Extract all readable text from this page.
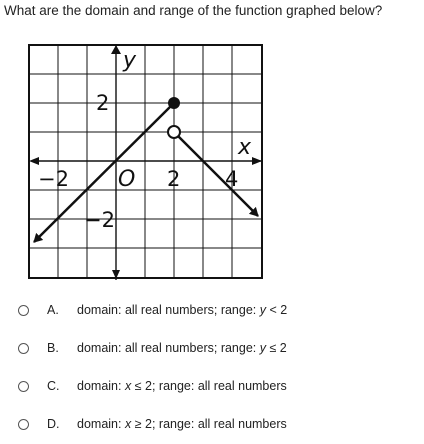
What are the domain and range of the function graphed below?
y
x
O
−2	2 4
2
−2
A.	domain: all real numbers; range: y < 2
B.	domain: all real numbers; range: y ≤ 2
C.	domain: x ≤ 2; range: all real numbers
D.	domain: x ≥ 2; range: all real numbers
